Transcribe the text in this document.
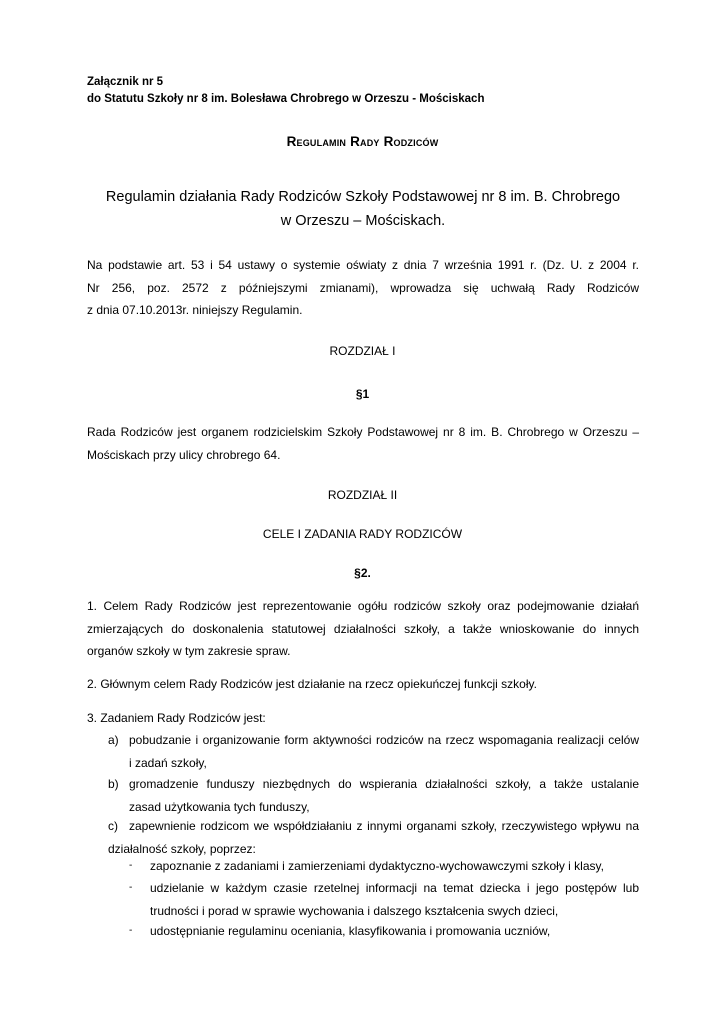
Załącznik nr 5
do Statutu Szkoły nr 8 im. Bolesława Chrobrego w Orzeszu - Mościskach
Regulamin Rady Rodziców
Regulamin działania Rady Rodziców Szkoły Podstawowej nr 8 im. B. Chrobrego
w Orzeszu – Mościskach.
Na podstawie art. 53 i 54 ustawy o systemie oświaty z dnia 7 września 1991 r. (Dz. U. z 2004 r.
Nr 256, poz. 2572 z późniejszymi zmianami), wprowadza się uchwałą Rady Rodziców
z dnia 07.10.2013r. niniejszy Regulamin.
ROZDZIAŁ I
§1
Rada Rodziców jest organem rodzicielskim Szkoły Podstawowej nr 8 im. B. Chrobrego w Orzeszu –
Mościskach przy ulicy chrobrego 64.
ROZDZIAŁ II
CELE I ZADANIA RADY RODZICÓW
§2.
1. Celem Rady Rodziców jest reprezentowanie ogółu rodziców szkoły oraz podejmowanie działań
zmierzających do doskonalenia statutowej działalności szkoły, a także wnioskowanie do innych
organów szkoły w tym zakresie spraw.
2. Głównym celem Rady Rodziców jest działanie na rzecz opiekuńczej funkcji szkoły.
3. Zadaniem Rady Rodziców jest:
a) pobudzanie i organizowanie form aktywności rodziców na rzecz wspomagania realizacji celów
i zadań szkoły,
b) gromadzenie funduszy niezbędnych do wspierania działalności szkoły, a także ustalanie
zasad użytkowania tych funduszy,
c) zapewnienie rodzicom we współdziałaniu z innymi organami szkoły, rzeczywistego wpływu na
działalność szkoły, poprzez:
- zapoznanie z zadaniami i zamierzeniami dydaktyczno-wychowawczymi szkoły i klasy,
- udzielanie w każdym czasie rzetelnej informacji na temat dziecka i jego postępów lub
trudności i porad w sprawie wychowania i dalszego kształcenia swych dzieci,
- udostępnianie regulaminu oceniania, klasyfikowania i promowania uczniów,
